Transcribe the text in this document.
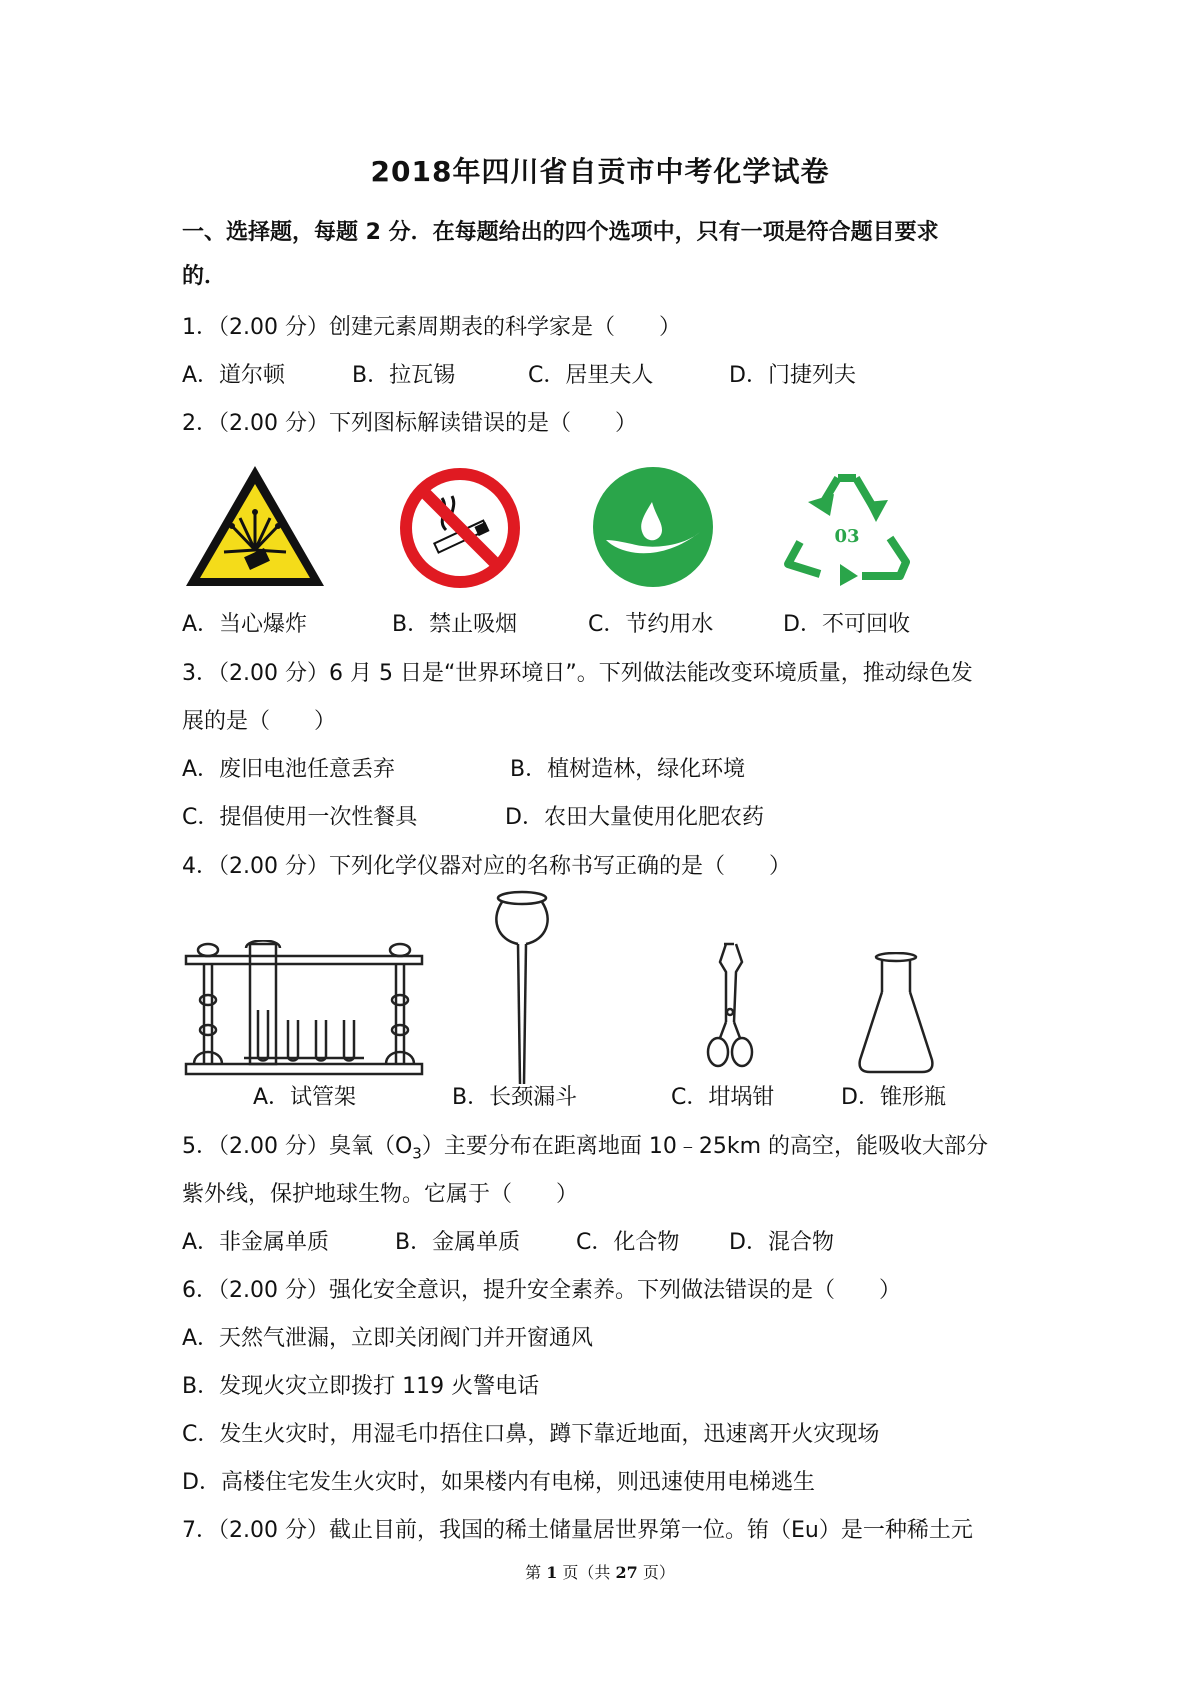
2018年四川省自贡市中考化学试卷
一、选择题，每题 2 分．在每题给出的四个选项中，只有一项是符合题目要求
的．
1．（2.00 分）创建元素周期表的科学家是（　　）
A．道尔顿	B．拉瓦锡	C．居里夫人	D．门捷列夫
2．（2.00 分）下列图标解读错误的是（　　）
03
A．当心爆炸	B．禁止吸烟	C．节约用水	D．不可回收
3．（2.00 分）6 月 5 日是“世界环境日”。下列做法能改变环境质量，推动绿色发
展的是（　　）
A．废旧电池任意丢弃	B．植树造林，绿化环境
C．提倡使用一次性餐具	D．农田大量使用化肥农药
4．（2.00 分）下列化学仪器对应的名称书写正确的是（　　）
A．试管架	B．长颈漏斗	C．坩埚钳	D．锥形瓶
5．（2.00 分）臭氧$(O_3)$主要分布在距离地面 10﹣25km 的高空，能吸收大部分
紫外线，保护地球生物。它属于（　　）
A．非金属单质	B．金属单质	C．化合物 D．混合物
6．（2.00 分）强化安全意识，提升安全素养。下列做法错误的是（　　）
A．天然气泄漏，立即关闭阀门并开窗通风
B．发现火灾立即拨打 119 火警电话
C．发生火灾时，用湿毛巾捂住口鼻，蹲下靠近地面，迅速离开火灾现场
D．高楼住宅发生火灾时，如果楼内有电梯，则迅速使用电梯逃生
7．（2.00 分）截止目前，我国的稀土储量居世界第一位。铕（Eu）是一种稀土元
第 1 页（共 27 页）
